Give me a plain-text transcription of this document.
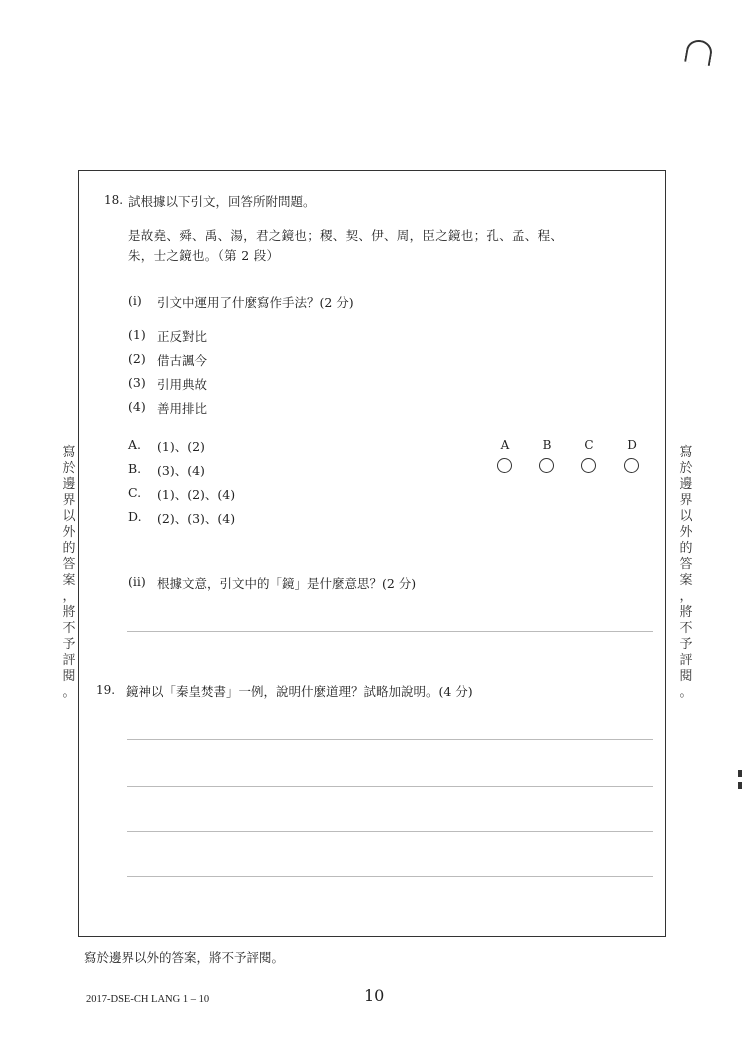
寫
於
邊
界
以
外
的
答
案
，
將
不
予
評
閱
。
寫
於
邊
界
以
外
的
答
案
，
將
不
予
評
閱
。
18. 試根據以下引文，回答所附問題。
是故堯、舜、禹、湯，君之鏡也；稷、契、伊、周，臣之鏡也；孔、孟、程、
朱，士之鏡也。（第 2 段）
(i) 引文中運用了什麼寫作手法？(2 分)
(1) 正反對比
(2) 借古諷今
(3) 引用典故
(4) 善用排比
A. (1)、(2)
B. (3)、(4)
C. (1)、(2)、(4)
D. (2)、(3)、(4)
A	B	C	D
(ii) 根據文意，引文中的「鏡」是什麼意思？(2 分)
19. 鏡神以「秦皇焚書」一例，說明什麼道理？試略加說明。(4 分)
寫於邊界以外的答案，將不予評閱。
2017-DSE-CH LANG 1 – 10	10
